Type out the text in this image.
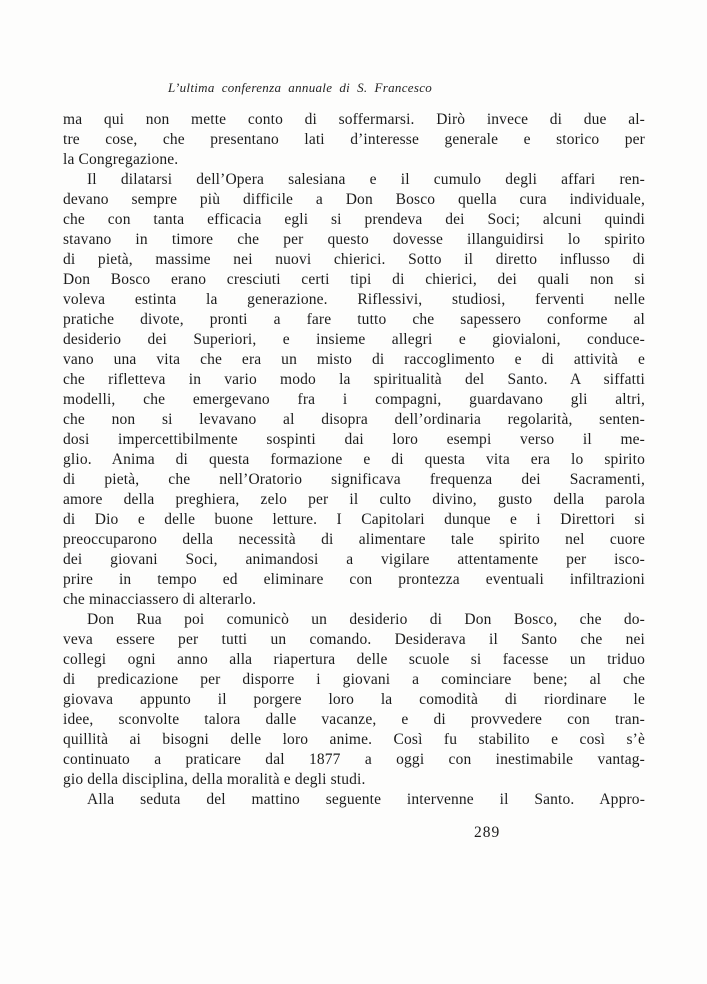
L’ultima conferenza annuale di S. Francesco
ma qui non mette conto di soffermarsi. Dirò invece di due al-
tre cose, che presentano lati d’interesse generale e storico per
la Congregazione.
Il dilatarsi dell’Opera salesiana e il cumulo degli affari ren-
devano sempre più difficile a Don Bosco quella cura individuale,
che con tanta efficacia egli si prendeva dei Soci; alcuni quindi
stavano in timore che per questo dovesse illanguidirsi lo spirito
di pietà, massime nei nuovi chierici. Sotto il diretto influsso di
Don Bosco erano cresciuti certi tipi di chierici, dei quali non si
voleva estinta la generazione. Riflessivi, studiosi, ferventi nelle
pratiche divote, pronti a fare tutto che sapessero conforme al
desiderio dei Superiori, e insieme allegri e giovialoni, conduce-
vano una vita che era un misto di raccoglimento e di attività e
che rifletteva in vario modo la spiritualità del Santo. A siffatti
modelli, che emergevano fra i compagni, guardavano gli altri,
che non si levavano al disopra dell’ordinaria regolarità, senten-
dosi impercettibilmente sospinti dai loro esempi verso il me-
glio. Anima di questa formazione e di questa vita era lo spirito
di pietà, che nell’Oratorio significava frequenza dei Sacramenti,
amore della preghiera, zelo per il culto divino, gusto della parola
di Dio e delle buone letture. I Capitolari dunque e i Direttori si
preoccuparono della necessità di alimentare tale spirito nel cuore
dei giovani Soci, animandosi a vigilare attentamente per isco-
prire in tempo ed eliminare con prontezza eventuali infiltrazioni
che minacciassero di alterarlo.
Don Rua poi comunicò un desiderio di Don Bosco, che do-
veva essere per tutti un comando. Desiderava il Santo che nei
collegi ogni anno alla riapertura delle scuole si facesse un triduo
di predicazione per disporre i giovani a cominciare bene; al che
giovava appunto il porgere loro la comodità di riordinare le
idee, sconvolte talora dalle vacanze, e di provvedere con tran-
quillità ai bisogni delle loro anime. Così fu stabilito e così s’è
continuato a praticare dal 1877 a oggi con inestimabile vantag-
gio della disciplina, della moralità e degli studi.
Alla seduta del mattino seguente intervenne il Santo. Appro-
289
